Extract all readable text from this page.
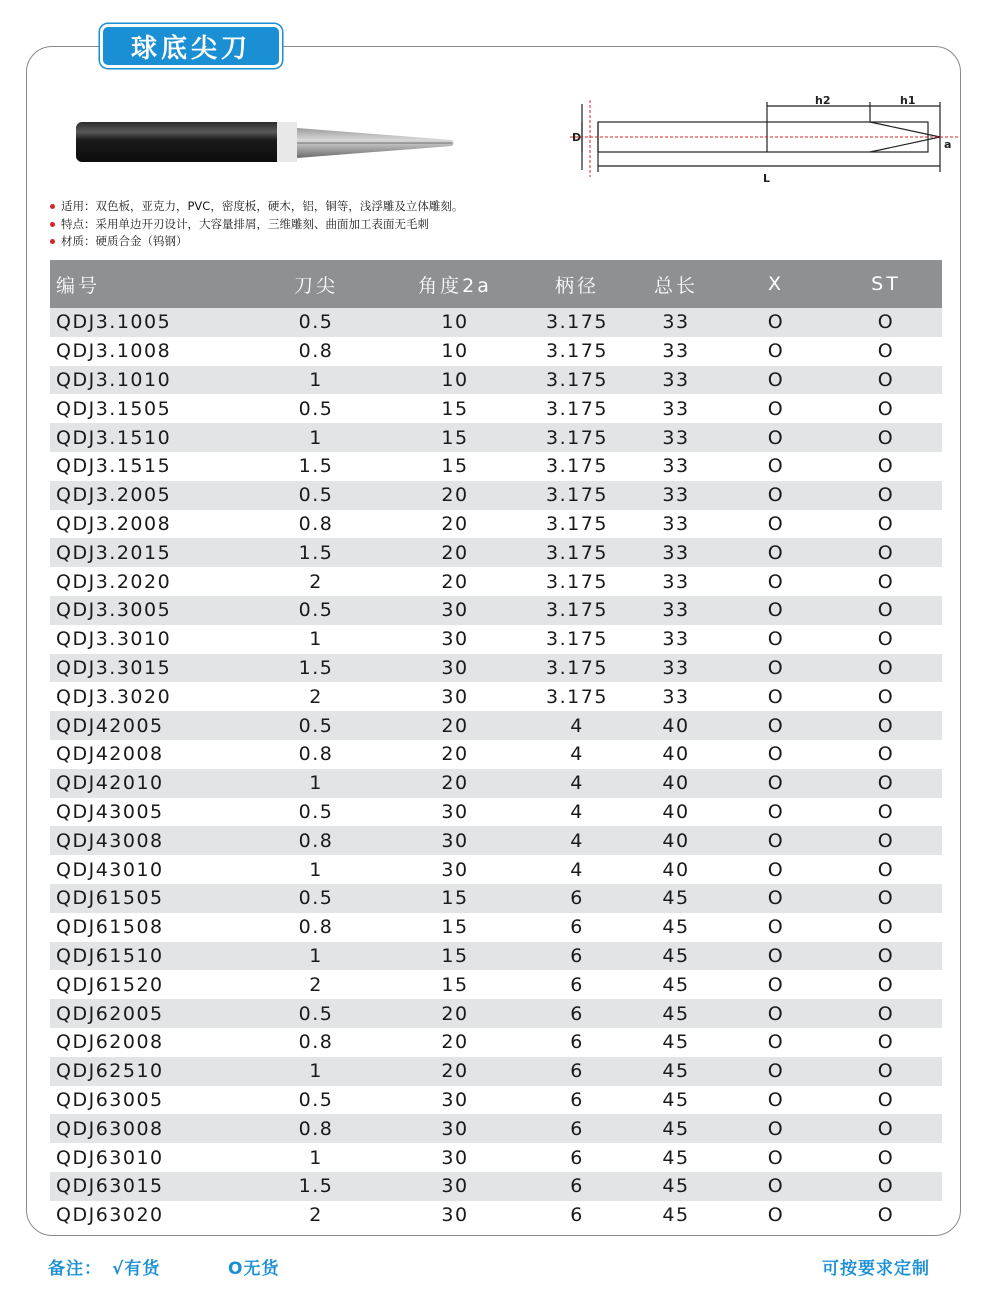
球底尖刀
h2	h1
D
L
a
适用：双色板，亚克力，PVC，密度板，硬木，铝，铜等，浅浮雕及立体雕刻。
特点：采用单边开刃设计，大容量排屑，三维雕刻、曲面加工表面无毛刺
材质：硬质合金（钨钢）
编号	刀尖	角度2a	柄径	总长	X	ST
QDJ3.1005	0.5	10	3.175	33	O	O
QDJ3.1008	0.8	10	3.175	33	O	O
QDJ3.1010	1	10	3.175	33	O	O
QDJ3.1505	0.5	15	3.175	33	O	O
QDJ3.1510	1	15	3.175	33	O	O
QDJ3.1515	1.5	15	3.175	33	O	O
QDJ3.2005	0.5	20	3.175	33	O	O
QDJ3.2008	0.8	20	3.175	33	O	O
QDJ3.2015	1.5	20	3.175	33	O	O
QDJ3.2020	2	20	3.175	33	O	O
QDJ3.3005	0.5	30	3.175	33	O	O
QDJ3.3010	1	30	3.175	33	O	O
QDJ3.3015	1.5	30	3.175	33	O	O
QDJ3.3020	2	30	3.175	33	O	O
QDJ42005	0.5	20	4	40	O	O
QDJ42008	0.8	20	4	40	O	O
QDJ42010	1	20	4	40	O	O
QDJ43005	0.5	30	4	40	O	O
QDJ43008	0.8	30	4	40	O	O
QDJ43010	1	30	4	40	O	O
QDJ61505	0.5	15	6	45	O	O
QDJ61508	0.8	15	6	45	O	O
QDJ61510	1	15	6	45	O	O
QDJ61520	2	15	6	45	O	O
QDJ62005	0.5	20	6	45	O	O
QDJ62008	0.8	20	6	45	O	O
QDJ62510	1	20	6	45	O	O
QDJ63005	0.5	30	6	45	O	O
QDJ63008	0.8	30	6	45	O	O
QDJ63010	1	30	6	45	O	O
QDJ63015	1.5	30	6	45	O	O
QDJ63020	2	30	6	45	O	O
备注： √有货	O无货	可按要求定制
